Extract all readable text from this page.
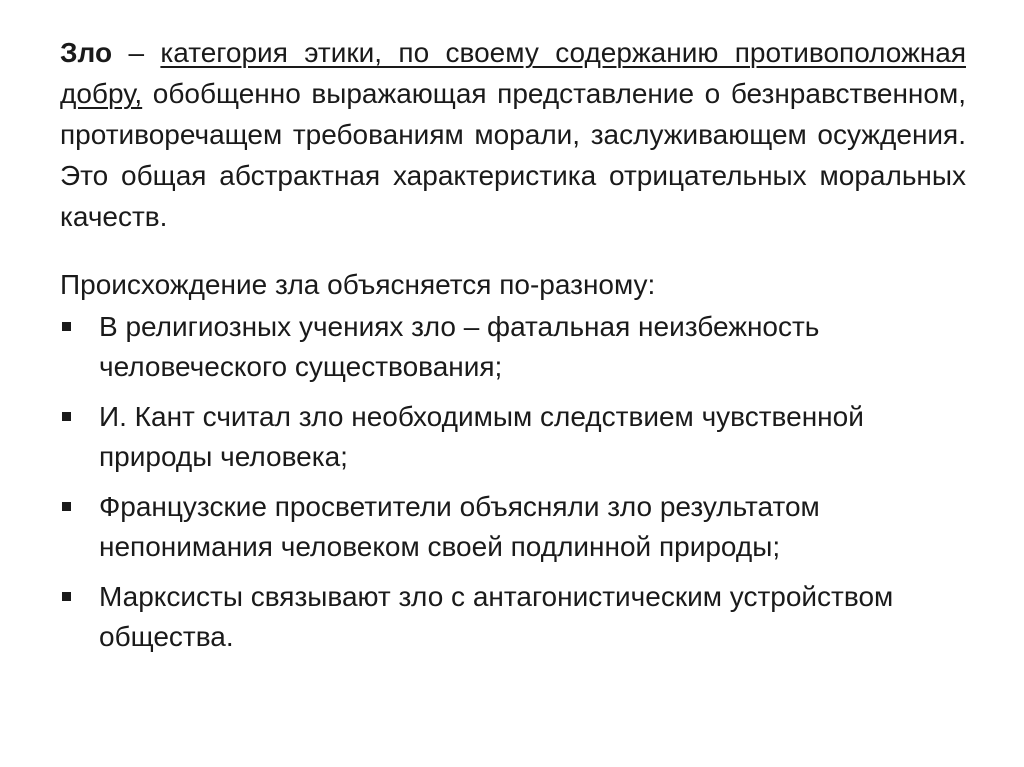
Зло – категория этики, по своему содержанию противоположная добру, обобщенно выражающая представление о безнравственном, противоречащем требованиям морали, заслуживающем осуждения. Это общая абстрактная характеристика отрицательных моральных качеств.

Происхождение зла объясняется по-разному:

В религиозных учениях зло – фатальная неизбежность человеческого существования;
И. Кант считал зло необходимым следствием чувственной природы человека;
Французские просветители объясняли зло результатом непонимания человеком своей подлинной природы;
Марксисты связывают зло с антагонистическим устройством общества.
